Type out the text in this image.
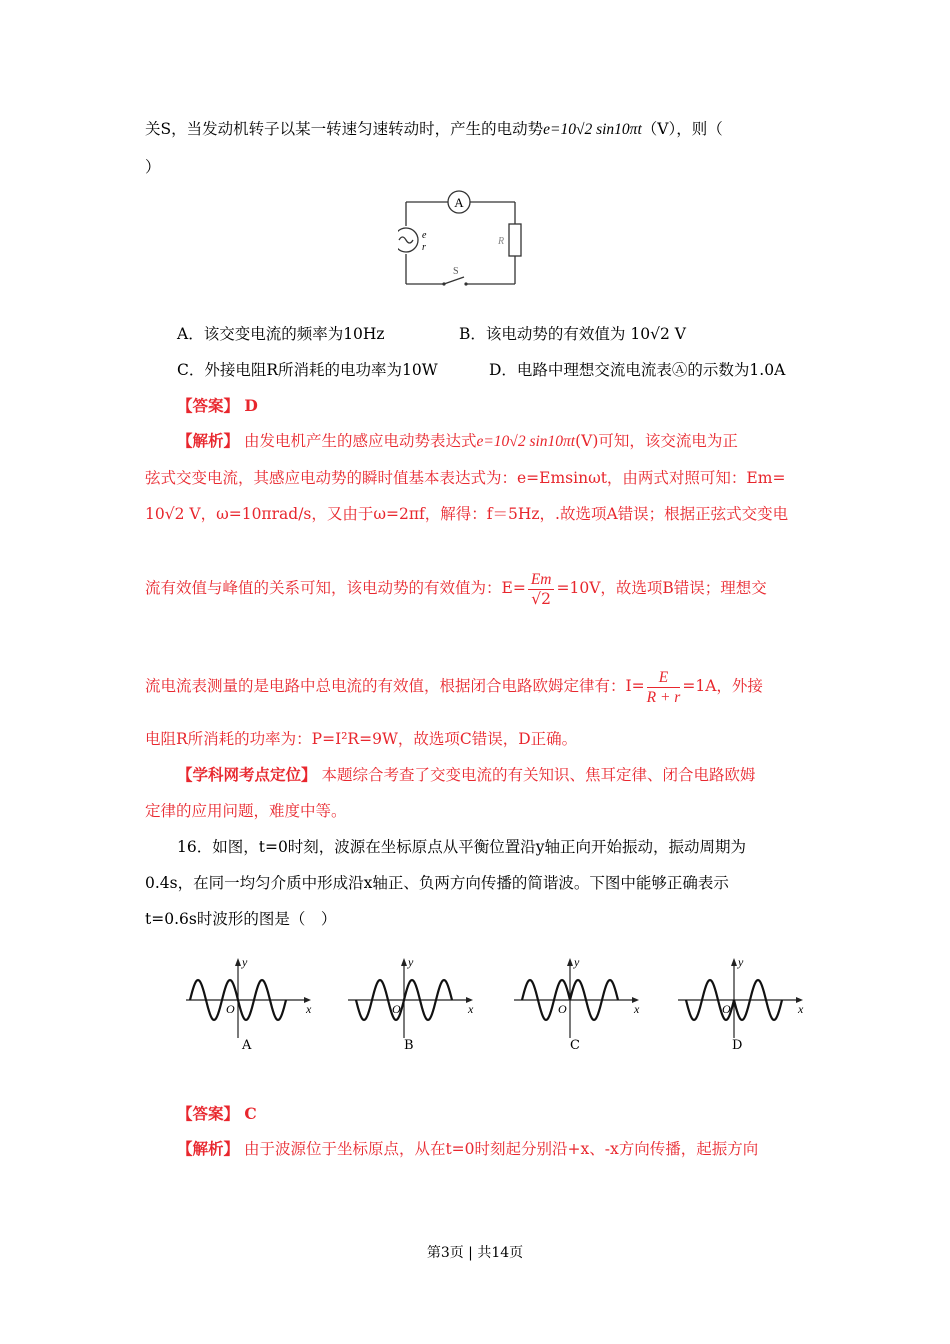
关S，当发动机转子以某一转速匀速转动时，产生的电动势e=10√2 sin10πt（V），则（
）
A
e
r
R
S
A．该交变电流的频率为10Hz	B．该电动势的有效值为 10√2 V
C．外接电阻R所消耗的电功率为10W	D．电路中理想交流电流表Ⓐ的示数为1.0A
【答案】 D
【解析】 由发电机产生的感应电动势表达式e=10√2 sin10πt(V)可知，该交流电为正
弦式交变电流，其感应电动势的瞬时值基本表达式为：e=Emsinωt，由两式对照可知：Em=
10√2 V，ω=10πrad/s，又由于ω=2πf，解得：f＝5Hz，.故选项A错误；根据正弦式交变电
流有效值与峰值的关系可知，该电动势的有效值为：$E= \frac{Em}{√2} =10V$，故选项B错误；理想交
流电流表测量的是电路中总电流的有效值，根据闭合电路欧姆定律有：$I= \frac{E}{R + r} =1A$，外接
电阻R所消耗的功率为：P=I²R=9W，故选项C错误，D正确。
【学科网考点定位】 本题综合考查了交变电流的有关知识、焦耳定律、闭合电路欧姆
定律的应用问题，难度中等。
16．如图，t=0时刻，波源在坐标原点从平衡位置沿y轴正向开始振动，振动周期为
0.4s，在同一均匀介质中形成沿x轴正、负两方向传播的简谐波。下图中能够正确表示
t=0.6s时波形的图是（　）
x
y
O	x
y
O	x
y
O	x
y
O
A	B	C	D
【答案】 C
【解析】 由于波源位于坐标原点，从在t=0时刻起分别沿+x、-x方向传播，起振方向
第3页 | 共14页
